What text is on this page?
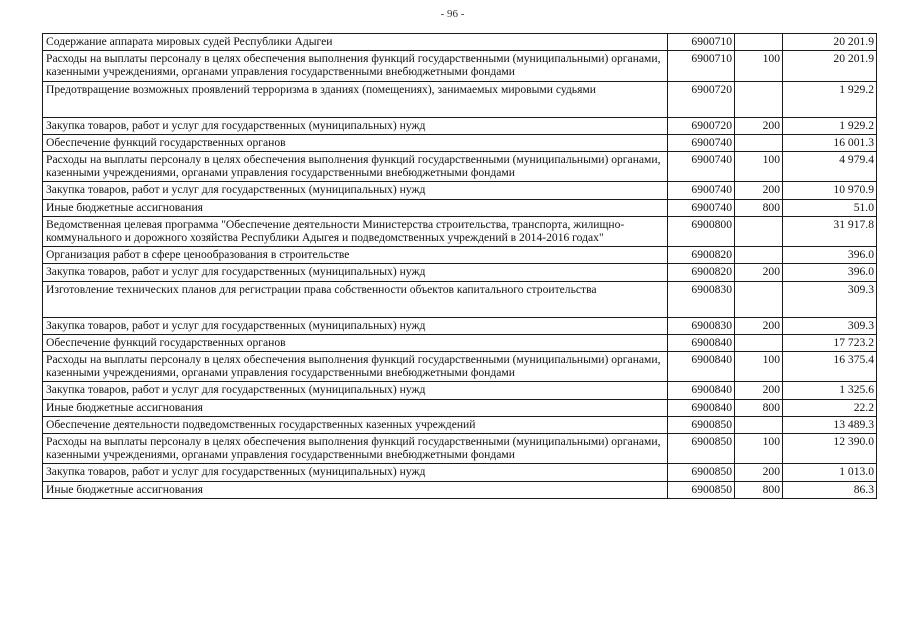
- 96 -
Содержание аппарата мировых судей Республики Адыгеи	6900710		20 201.9
Расходы на выплаты персоналу в целях обеспечения выполнения функций государственными (муниципальными) органами, казенными учреждениями, органами управления государственными внебюджетными фондами	6900710	100	20 201.9
Предотвращение возможных проявлений терроризма в зданиях (помещениях), занимаемых мировыми судьями	6900720		1 929.2
Закупка товаров, работ и услуг для государственных (муниципальных) нужд	6900720	200	1 929.2
Обеспечение функций государственных органов	6900740		16 001.3
Расходы на выплаты персоналу в целях обеспечения выполнения функций государственными (муниципальными) органами, казенными учреждениями, органами управления государственными внебюджетными фондами	6900740	100	4 979.4
Закупка товаров, работ и услуг для государственных (муниципальных) нужд	6900740	200	10 970.9
Иные бюджетные ассигнования	6900740	800	51.0
Ведомственная целевая программа "Обеспечение деятельности Министерства строительства, транспорта, жилищно-коммунального и дорожного хозяйства Республики Адыгея и подведомственных учреждений в 2014-2016 годах"	6900800		31 917.8
Организация работ в сфере ценообразования в строительстве	6900820		396.0
Закупка товаров, работ и услуг для государственных (муниципальных) нужд	6900820	200	396.0
Изготовление технических планов для регистрации права собственности объектов капитального строительства	6900830		309.3
Закупка товаров, работ и услуг для государственных (муниципальных) нужд	6900830	200	309.3
Обеспечение функций государственных органов	6900840		17 723.2
Расходы на выплаты персоналу в целях обеспечения выполнения функций государственными (муниципальными) органами, казенными учреждениями, органами управления государственными внебюджетными фондами	6900840	100	16 375.4
Закупка товаров, работ и услуг для государственных (муниципальных) нужд	6900840	200	1 325.6
Иные бюджетные ассигнования	6900840	800	22.2
Обеспечение деятельности подведомственных государственных казенных учреждений	6900850		13 489.3
Расходы на выплаты персоналу в целях обеспечения выполнения функций государственными (муниципальными) органами, казенными учреждениями, органами управления государственными внебюджетными фондами	6900850	100	12 390.0
Закупка товаров, работ и услуг для государственных (муниципальных) нужд	6900850	200	1 013.0
Иные бюджетные ассигнования	6900850	800	86.3
